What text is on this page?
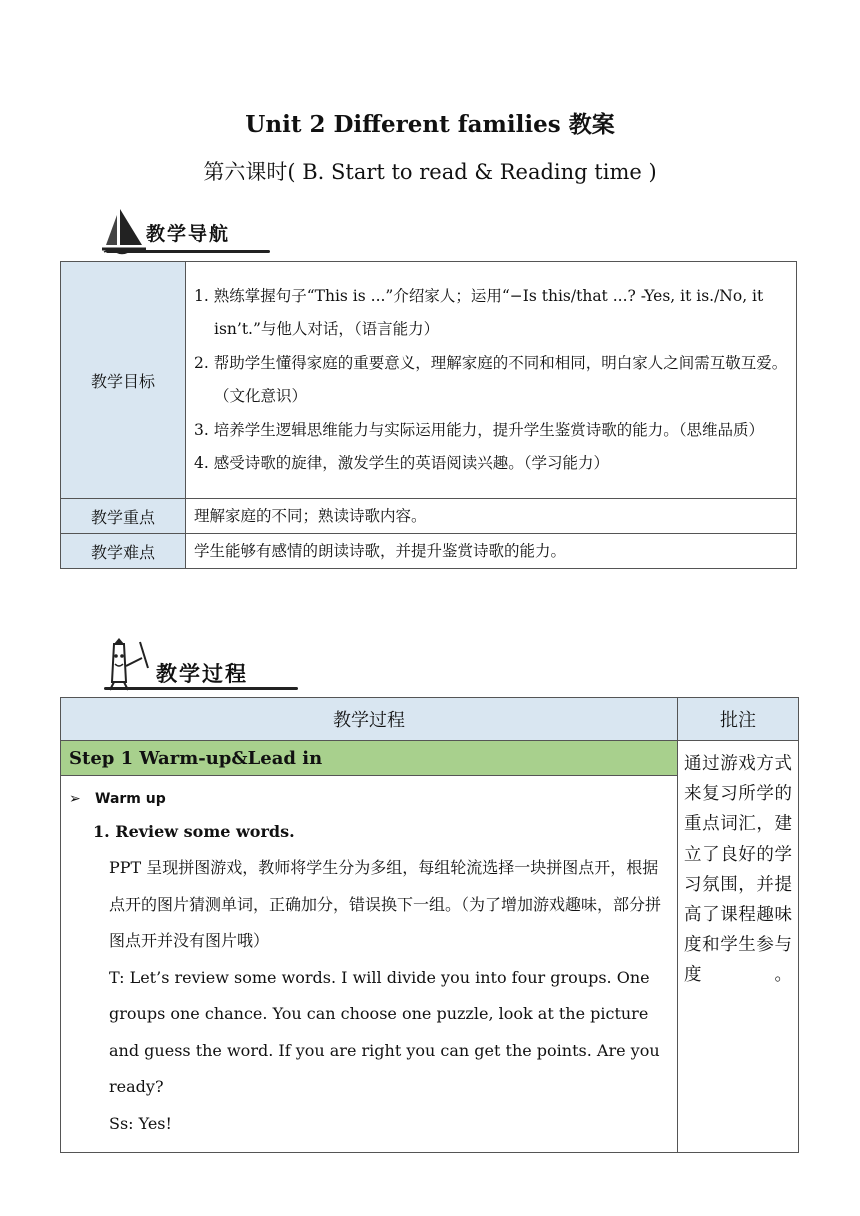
Unit 2 Different families 教案
第六课时( B. Start to read & Reading time )
教学导航
教学目标	1. 熟练掌握句子“This is ...”介绍家人；运用“−Is this/that ...? -Yes, it is./No, it isn’t.”与他人对话，（语言能力）
2. 帮助学生懂得家庭的重要意义，理解家庭的不同和相同，明白家人之间需互敬互爱。（文化意识）
3. 培养学生逻辑思维能力与实际运用能力，提升学生鉴赏诗歌的能力。（思维品质）
4. 感受诗歌的旋律，激发学生的英语阅读兴趣。（学习能力）

教学重点	理解家庭的不同；熟读诗歌内容。
教学难点	学生能够有感情的朗读诗歌，并提升鉴赏诗歌的能力。
教学过程
教学过程	批注
Step 1 Warm-up&Lead in	通过游戏方式来复习所学的重点词汇，建立了良好的学习氛围，并提高了课程趣味度和学生参与度。

➢ Warm up
1. Review some words.
PPT 呈现拼图游戏，教师将学生分为多组，每组轮流选择一块拼图点开，根据点开的图片猜测单词，正确加分，错误换下一组。（为了增加游戏趣味，部分拼图点开并没有图片哦）
T: Let’s review some words. I will divide you into four groups. One groups one chance. You can choose one puzzle, look at the picture and guess the word. If you are right you can get the points. Are you ready?
Ss: Yes!	
